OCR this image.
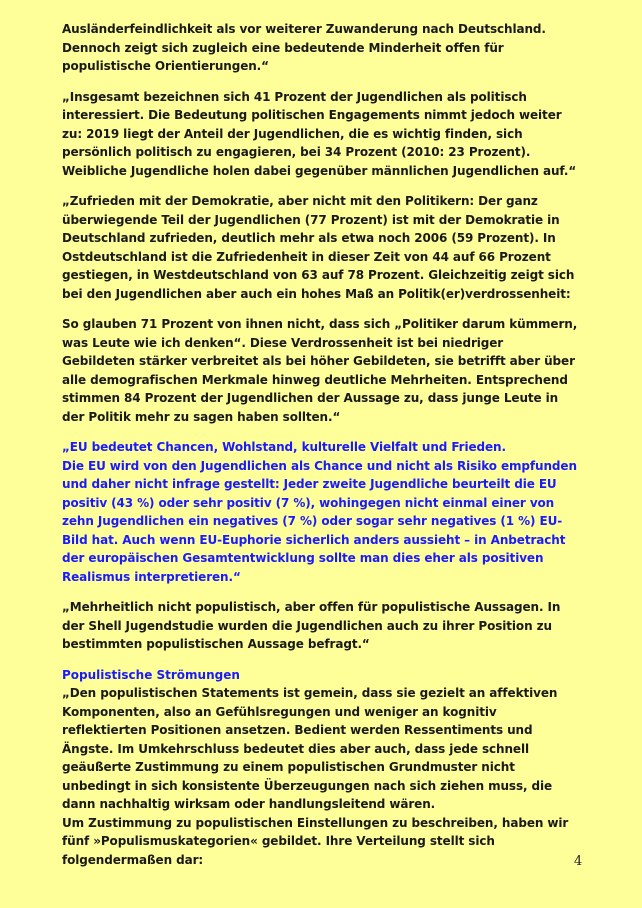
Ausländerfeindlichkeit als vor weiterer Zuwanderung nach Deutschland. Dennoch zeigt sich zugleich eine bedeutende Minderheit offen für populistische Orientierungen.“

„Insgesamt bezeichnen sich 41 Prozent der Jugendlichen als politisch interessiert. Die Bedeutung politischen Engagements nimmt jedoch weiter zu: 2019 liegt der Anteil der Jugendlichen, die es wichtig finden, sich persönlich politisch zu engagieren, bei 34 Prozent (2010: 23 Prozent). Weibliche Jugendliche holen dabei gegenüber männlichen Jugendlichen auf.“

„Zufrieden mit der Demokratie, aber nicht mit den Politikern: Der ganz überwiegende Teil der Jugendlichen (77 Prozent) ist mit der Demokratie in Deutschland zufrieden, deutlich mehr als etwa noch 2006 (59 Prozent). In Ostdeutschland ist die Zufriedenheit in dieser Zeit von 44 auf 66 Prozent gestiegen, in Westdeutschland von 63 auf 78 Prozent. Gleichzeitig zeigt sich bei den Jugendlichen aber auch ein hohes Maß an Politik(er)verdrossenheit:

So glauben 71 Prozent von ihnen nicht, dass sich „Politiker darum kümmern, was Leute wie ich denken“. Diese Verdrossenheit ist bei niedriger Gebildeten stärker verbreitet als bei höher Gebildeten, sie betrifft aber über alle demografischen Merkmale hinweg deutliche Mehrheiten. Entsprechend stimmen 84 Prozent der Jugendlichen der Aussage zu, dass junge Leute in der Politik mehr zu sagen haben sollten.“

„EU bedeutet Chancen, Wohlstand, kulturelle Vielfalt und Frieden.
Die EU wird von den Jugendlichen als Chance und nicht als Risiko empfunden und daher nicht infrage gestellt: Jeder zweite Jugendliche beurteilt die EU positiv (43 %) oder sehr positiv (7 %), wohingegen nicht einmal einer von zehn Jugendlichen ein negatives (7 %) oder sogar sehr negatives (1 %) EU-Bild hat. Auch wenn EU-Euphorie sicherlich anders aussieht – in Anbetracht der europäischen Gesamtentwicklung sollte man dies eher als positiven Realismus interpretieren.“

„Mehrheitlich nicht populistisch, aber offen für populistische Aussagen. In der Shell Jugendstudie wurden die Jugendlichen auch zu ihrer Position zu bestimmten populistischen Aussage befragt.“

Populistische Strömungen

„Den populistischen Statements ist gemein, dass sie gezielt an affektiven Komponenten, also an Gefühlsregungen und weniger an kognitiv reflektierten Positionen ansetzen. Bedient werden Ressentiments und Ängste. Im Umkehrschluss bedeutet dies aber auch, dass jede schnell geäußerte Zustimmung zu einem populistischen Grundmuster nicht unbedingt in sich konsistente Überzeugungen nach sich ziehen muss, die dann nachhaltig wirksam oder handlungsleitend wären.

Um Zustimmung zu populistischen Einstellungen zu beschreiben, haben wir fünf »Populismuskategorien« gebildet. Ihre Verteilung stellt sich folgendermaßen dar:	4
